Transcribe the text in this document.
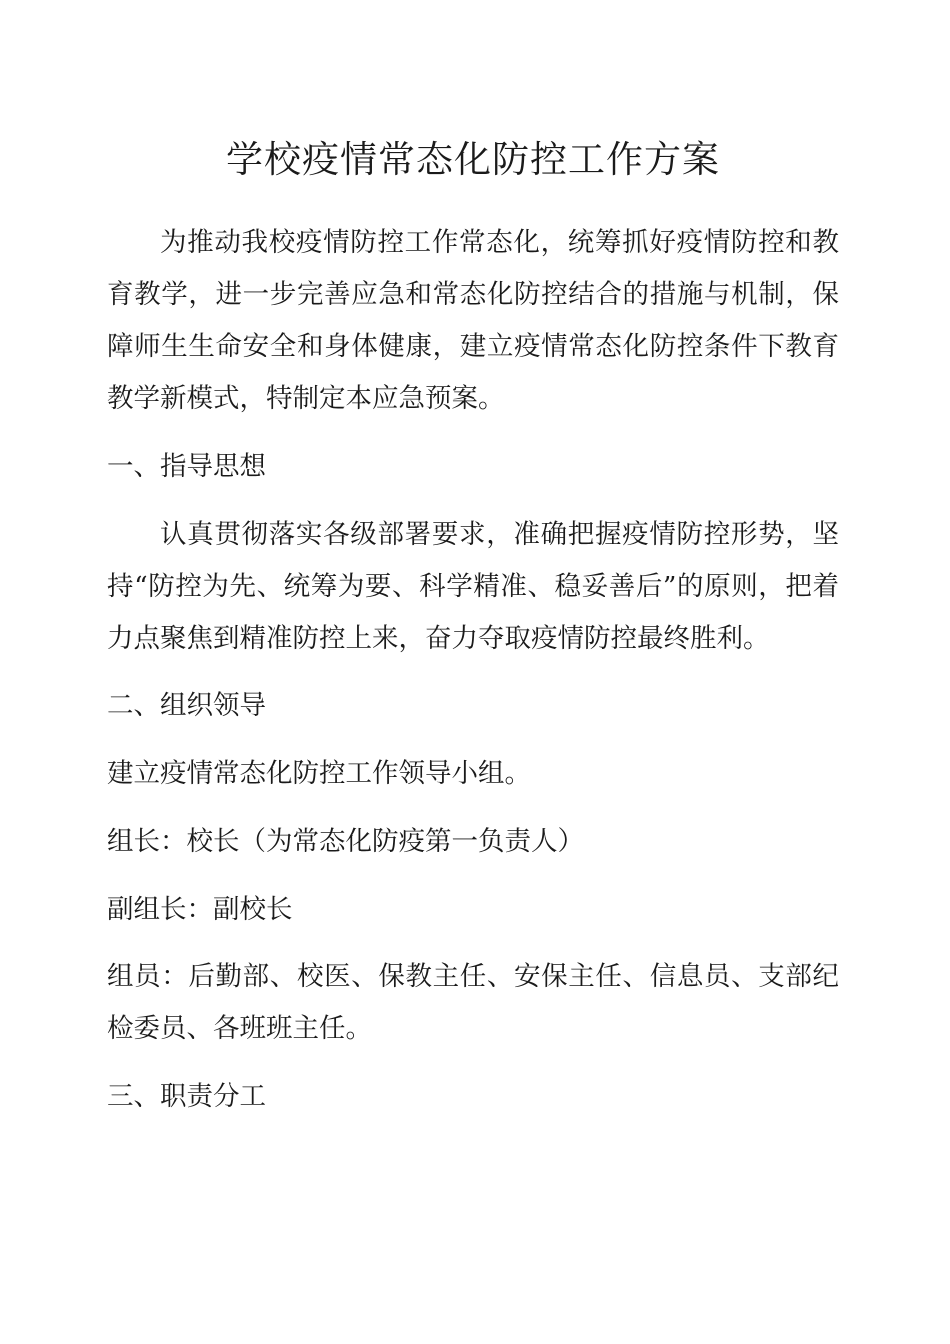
学校疫情常态化防控工作方案

为推动我校疫情防控工作常态化，统筹抓好疫情防控和教育教学，进一步完善应急和常态化防控结合的措施与机制，保障师生生命安全和身体健康，建立疫情常态化防控条件下教育教学新模式，特制定本应急预案。

一、指导思想

认真贯彻落实各级部署要求，准确把握疫情防控形势，坚持“防控为先、统筹为要、科学精准、稳妥善后”的原则，把着力点聚焦到精准防控上来，奋力夺取疫情防控最终胜利。

二、组织领导

建立疫情常态化防控工作领导小组。

组长：校长（为常态化防疫第一负责人）

副组长：副校长

组员：后勤部、校医、保教主任、安保主任、信息员、支部纪检委员、各班班主任。

三、职责分工
